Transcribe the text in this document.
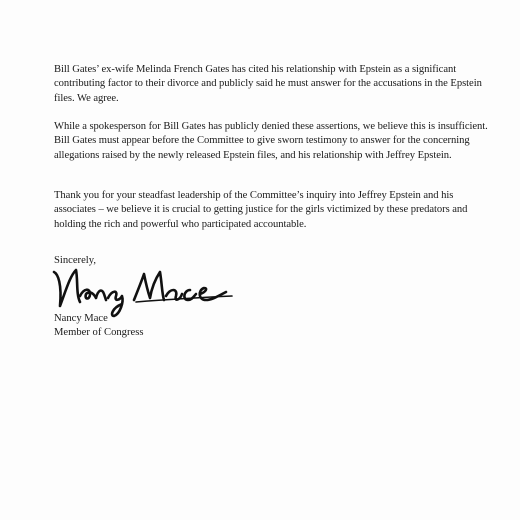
Bill Gates’ ex-wife Melinda French Gates has cited his relationship with Epstein as a significant contributing factor to their divorce and publicly said he must answer for the accusations in the Epstein files. We agree.

While a spokesperson for Bill Gates has publicly denied these assertions, we believe this is insufficient. Bill Gates must appear before the Committee to give sworn testimony to answer for the concerning allegations raised by the newly released Epstein files, and his relationship with Jeffrey Epstein.

Thank you for your steadfast leadership of the Committee’s inquiry into Jeffrey Epstein and his associates – we believe it is crucial to getting justice for the girls victimized by these predators and holding the rich and powerful who participated accountable.

Sincerely,
Nancy Mace
Member of Congress
